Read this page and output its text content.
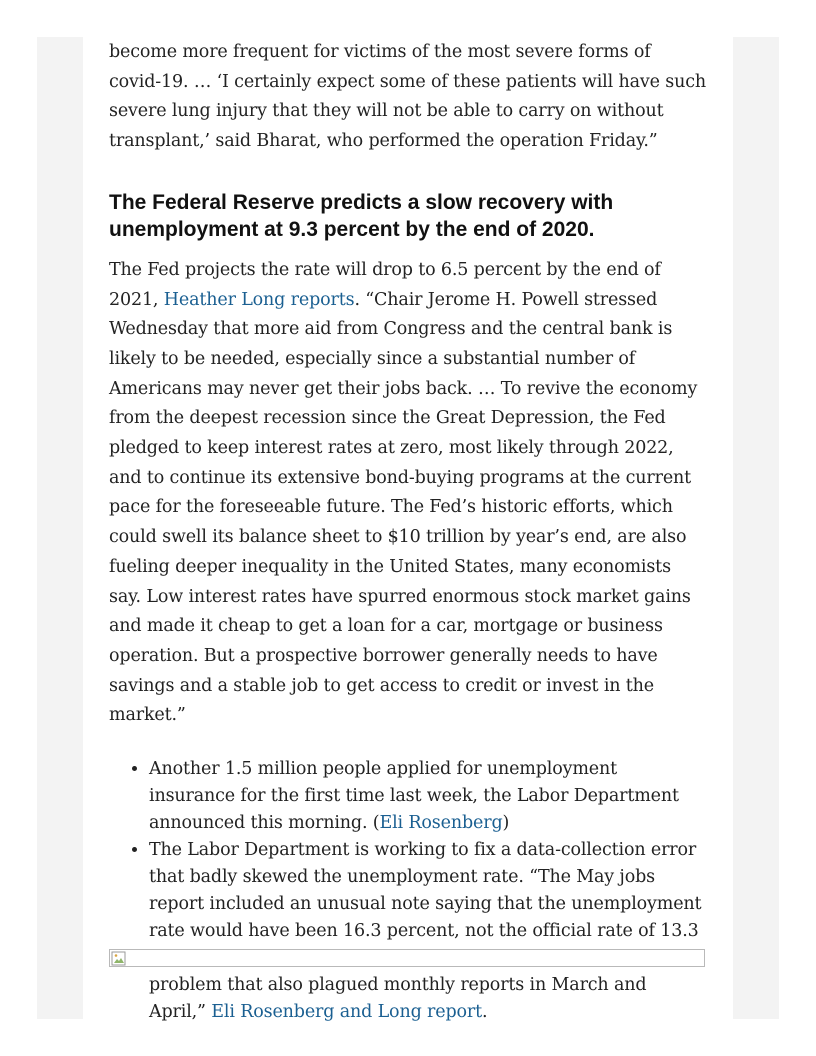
become more frequent for victims of the most severe forms of covid-19. … ‘I certainly expect some of these patients will have such severe lung injury that they will not be able to carry on without transplant,’ said Bharat, who performed the operation Friday.”

The Federal Reserve predicts a slow recovery with unemployment at 9.3 percent by the end of 2020.

The Fed projects the rate will drop to 6.5 percent by the end of 2021, Heather Long reports. “Chair Jerome H. Powell stressed Wednesday that more aid from Congress and the central bank is likely to be needed, especially since a substantial number of Americans may never get their jobs back. … To revive the economy from the deepest recession since the Great Depression, the Fed pledged to keep interest rates at zero, most likely through 2022, and to continue its extensive bond-buying programs at the current pace for the foreseeable future. The Fed’s historic efforts, which could swell its balance sheet to $10 trillion by year’s end, are also fueling deeper inequality in the United States, many economists say. Low interest rates have spurred enormous stock market gains and made it cheap to get a loan for a car, mortgage or business operation. But a prospective borrower generally needs to have savings and a stable job to get access to credit or invest in the market.”

• Another 1.5 million people applied for unemployment insurance for the first time last week, the Labor Department announced this morning. (Eli Rosenberg)
• The Labor Department is working to fix a data-collection error that badly skewed the unemployment rate. “The May jobs report included an unusual note saying that the unemployment rate would have been 16.3 percent, not the official rate of 13.3 problem that also plagued monthly reports in March and April,” Eli Rosenberg and Long report.
